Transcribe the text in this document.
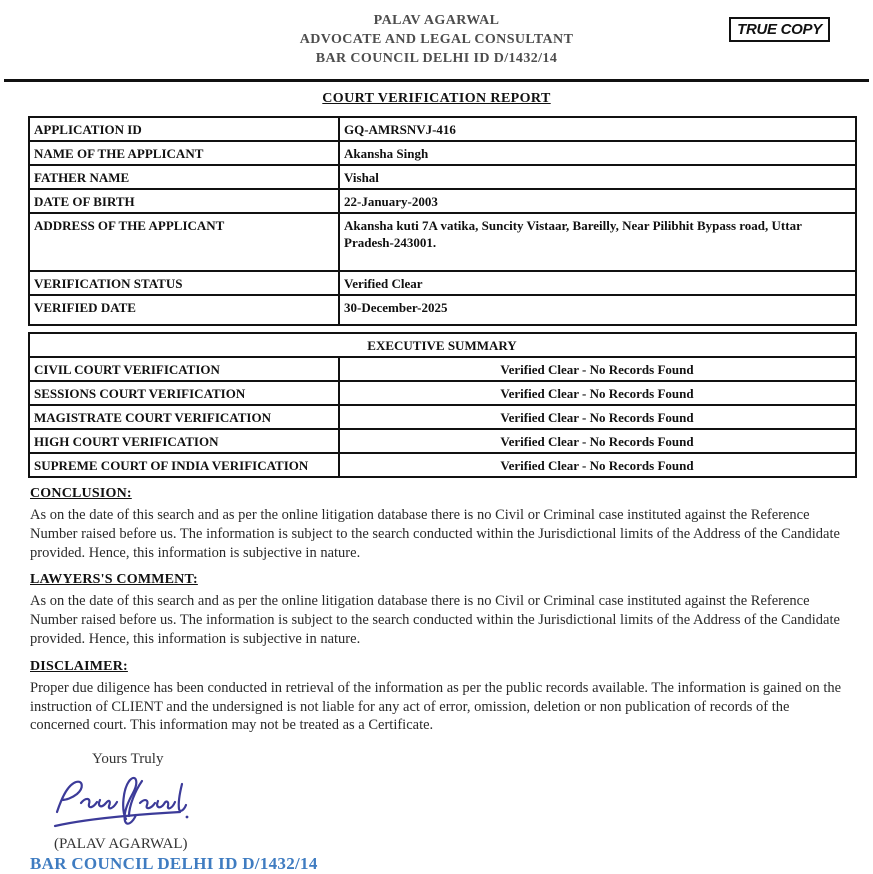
PALAV AGARWAL
ADVOCATE AND LEGAL CONSULTANT
BAR COUNCIL DELHI ID D/1432/14
TRUE COPY
COURT VERIFICATION REPORT
APPLICATION ID	GQ-AMRSNVJ-416
NAME OF THE APPLICANT	Akansha Singh
FATHER NAME	Vishal
DATE OF BIRTH	22-January-2003
ADDRESS OF THE APPLICANT	Akansha kuti 7A vatika, Suncity Vistaar, Bareilly, Near Pilibhit Bypass road, Uttar Pradesh-243001.
VERIFICATION STATUS	Verified Clear
VERIFIED DATE	30-December-2025
EXECUTIVE SUMMARY	
CIVIL COURT VERIFICATION	Verified Clear - No Records Found
SESSIONS COURT VERIFICATION	Verified Clear - No Records Found
MAGISTRATE COURT VERIFICATION	Verified Clear - No Records Found
HIGH COURT VERIFICATION	Verified Clear - No Records Found
SUPREME COURT OF INDIA VERIFICATION	Verified Clear - No Records Found
CONCLUSION:
As on the date of this search and as per the online litigation database there is no Civil or Criminal case instituted against the Reference Number raised before us. The information is subject to the search conducted within the Jurisdictional limits of the Address of the Candidate provided. Hence, this information is subjective in nature.
LAWYERS'S COMMENT:
As on the date of this search and as per the online litigation database there is no Civil or Criminal case instituted against the Reference Number raised before us. The information is subject to the search conducted within the Jurisdictional limits of the Address of the Candidate provided. Hence, this information is subjective in nature.
DISCLAIMER:
Proper due diligence has been conducted in retrieval of the information as per the public records available. The information is gained on the instruction of CLIENT and the undersigned is not liable for any act of error, omission, deletion or non publication of records of the concerned court. This information may not be treated as a Certificate.
Yours Truly
(PALAV AGARWAL)
BAR COUNCIL DELHI ID D/1432/14
